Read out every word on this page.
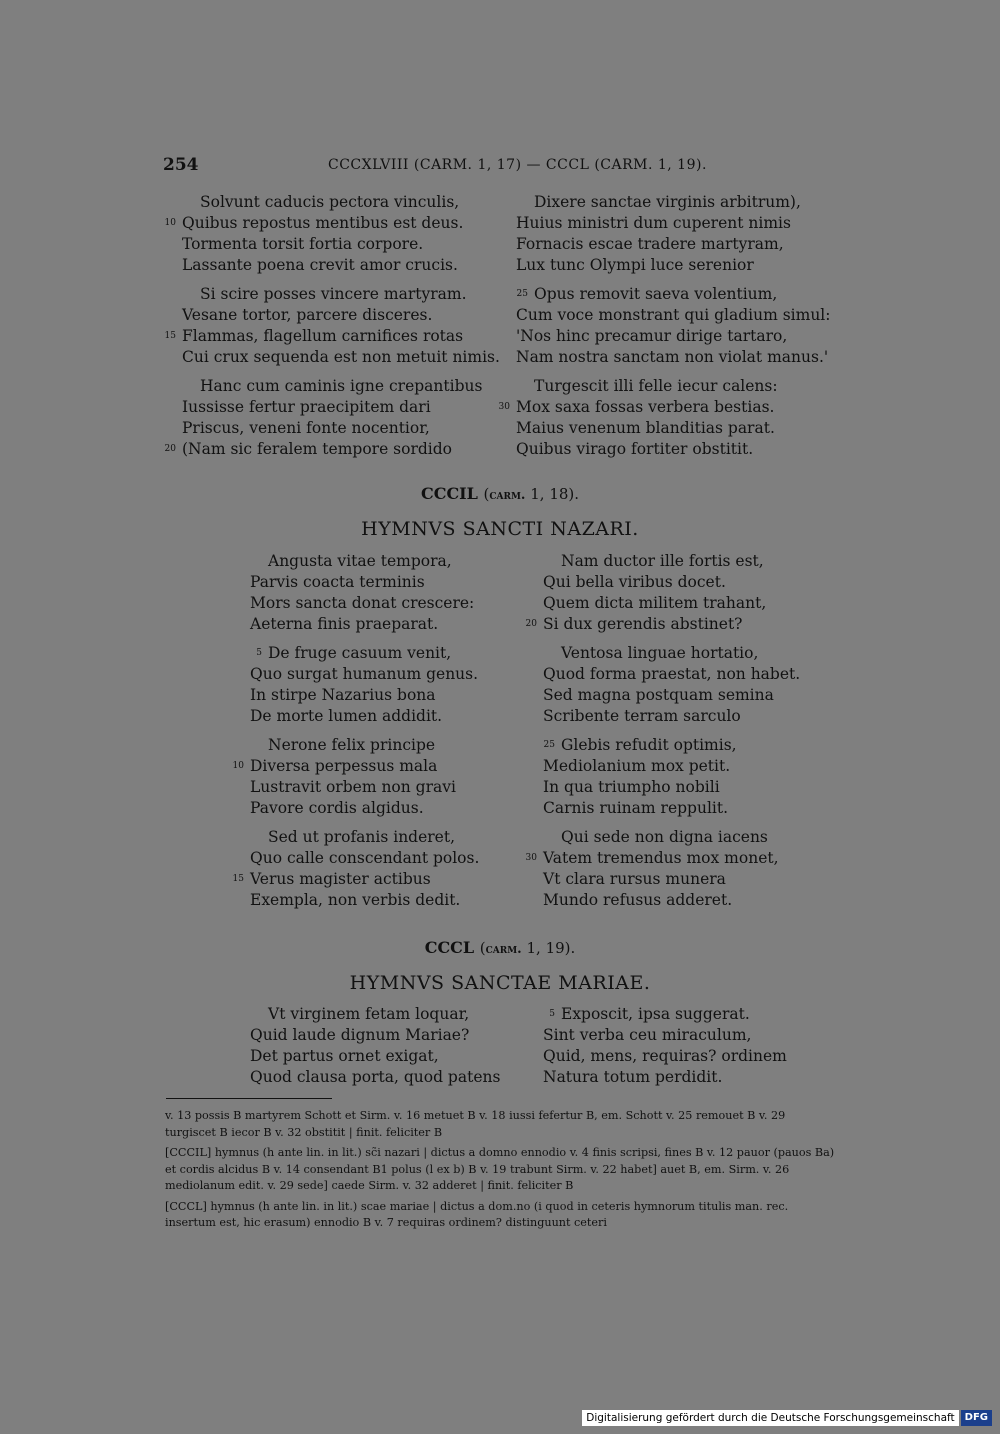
254	CCCXLVIII (CARM. 1, 17) — CCCL (CARM. 1, 19).
Solvunt caducis pectora vinculis,
10 Quibus repostus mentibus est deus.
Tormenta torsit fortia corpore.
Lassante poena crevit amor crucis.
Si scire posses vincere martyram.
Vesane tortor, parcere disceres.
15 Flammas, flagellum carnifices rotas
Cui crux sequenda est non metuit nimis.
Hanc cum caminis igne crepantibus
Iussisse fertur praecipitem dari
Priscus, veneni fonte nocentior,
20 (Nam sic feralem tempore sordido
Dixere sanctae virginis arbitrum),
Huius ministri dum cuperent nimis
Fornacis escae tradere martyram,
Lux tunc Olympi luce serenior
25 Opus removit saeva volentium,
Cum voce monstrant qui gladium simul:
'Nos hinc precamur dirige tartaro,
Nam nostra sanctam non violat manus.'
Turgescit illi felle iecur calens:
30 Mox saxa fossas verbera bestias.
Maius venenum blanditias parat.
Quibus virago fortiter obstitit.
CCCIL (carm. 1, 18).
HYMNVS SANCTI NAZARI.
Angusta vitae tempora,
Parvis coacta terminis
Mors sancta donat crescere:
Aeterna finis praeparat.
5 De fruge casuum venit,
Quo surgat humanum genus.
In stirpe Nazarius bona
De morte lumen addidit.
Nerone felix principe
10 Diversa perpessus mala
Lustravit orbem non gravi
Pavore cordis algidus.
Sed ut profanis inderet,
Quo calle conscendant polos.
15 Verus magister actibus
Exempla, non verbis dedit.
Nam ductor ille fortis est,
Qui bella viribus docet.
Quem dicta militem trahant,
20 Si dux gerendis abstinet?
Ventosa linguae hortatio,
Quod forma praestat, non habet.
Sed magna postquam semina
Scribente terram sarculo
25 Glebis refudit optimis,
Mediolanium mox petit.
In qua triumpho nobili
Carnis ruinam reppulit.
Qui sede non digna iacens
30 Vatem tremendus mox monet,
Vt clara rursus munera
Mundo refusus adderet.
CCCL (carm. 1, 19).
HYMNVS SANCTAE MARIAE.
Vt virginem fetam loquar,
Quid laude dignum Mariae?
Det partus ornet exigat,
Quod clausa porta, quod patens
5 Exposcit, ipsa suggerat.
Sint verba ceu miraculum,
Quid, mens, requiras? ordinem
Natura totum perdidit.

v. 13 possis B martyrem Schott et Sirm. v. 16 metuet B v. 18 iussi fefertur B, em. Schott v. 25 remouet B v. 29 turgiscet B iecor B v. 32 obstitit | finit. feliciter B

[CCCIL] hymnus (h ante lin. in lit.) sc̃i nazari | dictus a domno ennodio v. 4 finis scripsi, fines B v. 12 pauor (pauos Ba) et cordis alcidus B v. 14 consendant B1 polus (l ex b) B v. 19 trabunt Sirm. v. 22 habet] auet B, em. Sirm. v. 26 mediolanum edit. v. 29 sede] caede Sirm. v. 32 adderet | finit. feliciter B

[CCCL] hymnus (h ante lin. in lit.) scae mariae | dictus a dom.no (i quod in ceteris hymnorum titulis man. rec. insertum est, hic erasum) ennodio B v. 7 requiras ordinem? distinguunt ceteri

Digitalisierung gefördert durch die Deutsche Forschungsgemeinschaft	DFG
